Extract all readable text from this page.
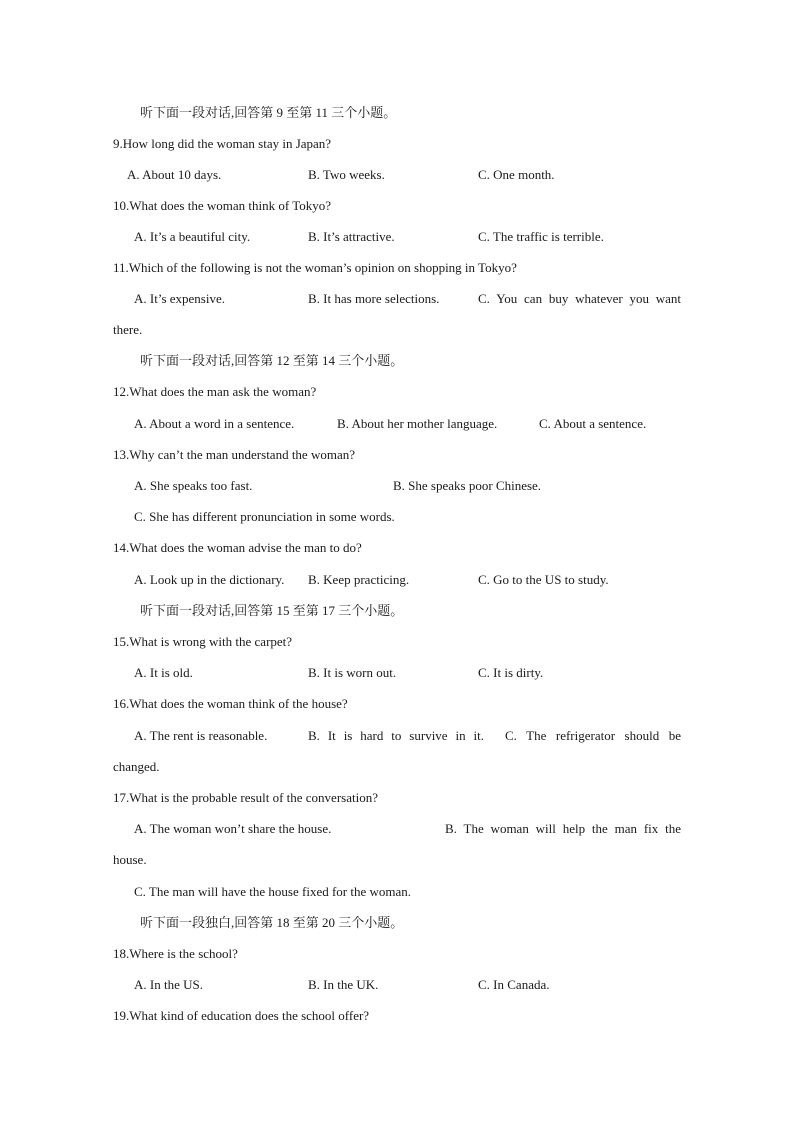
听下面一段对话,回答第 9 至第 11 三个小题。
9.How long did the woman stay in Japan?
A. About 10 days.	B. Two weeks.	C. One month.
10.What does the woman think of Tokyo?
A. It’s a beautiful city.	B. It’s attractive.	C. The traffic is terrible.
11.Which of the following is not the woman’s opinion on shopping in Tokyo?
A. It’s expensive.	B. It has more selections.	C. You can buy whatever you want
there.
听下面一段对话,回答第 12 至第 14 三个小题。
12.What does the man ask the woman?
A. About a word in a sentence.	B. About her mother language.	C. About a sentence.
13.Why can’t the man understand the woman?
A. She speaks too fast.	B. She speaks poor Chinese.
C. She has different pronunciation in some words.
14.What does the woman advise the man to do?
A. Look up in the dictionary. B. Keep practicing.	C. Go to the US to study.
听下面一段对话,回答第 15 至第 17 三个小题。
15.What is wrong with the carpet?
A. It is old.	B. It is worn out.	C. It is dirty.
16.What does the woman think of the house?
A. The rent is reasonable.	B. It is hard to survive in it. C. The refrigerator should be
changed.
17.What is the probable result of the conversation?
A. The woman won’t share the house.	B. The woman will help the man fix the
house.
C. The man will have the house fixed for the woman.
听下面一段独白,回答第 18 至第 20 三个小题。
18.Where is the school?
A. In the US.	B. In the UK.	C. In Canada.
19.What kind of education does the school offer?
